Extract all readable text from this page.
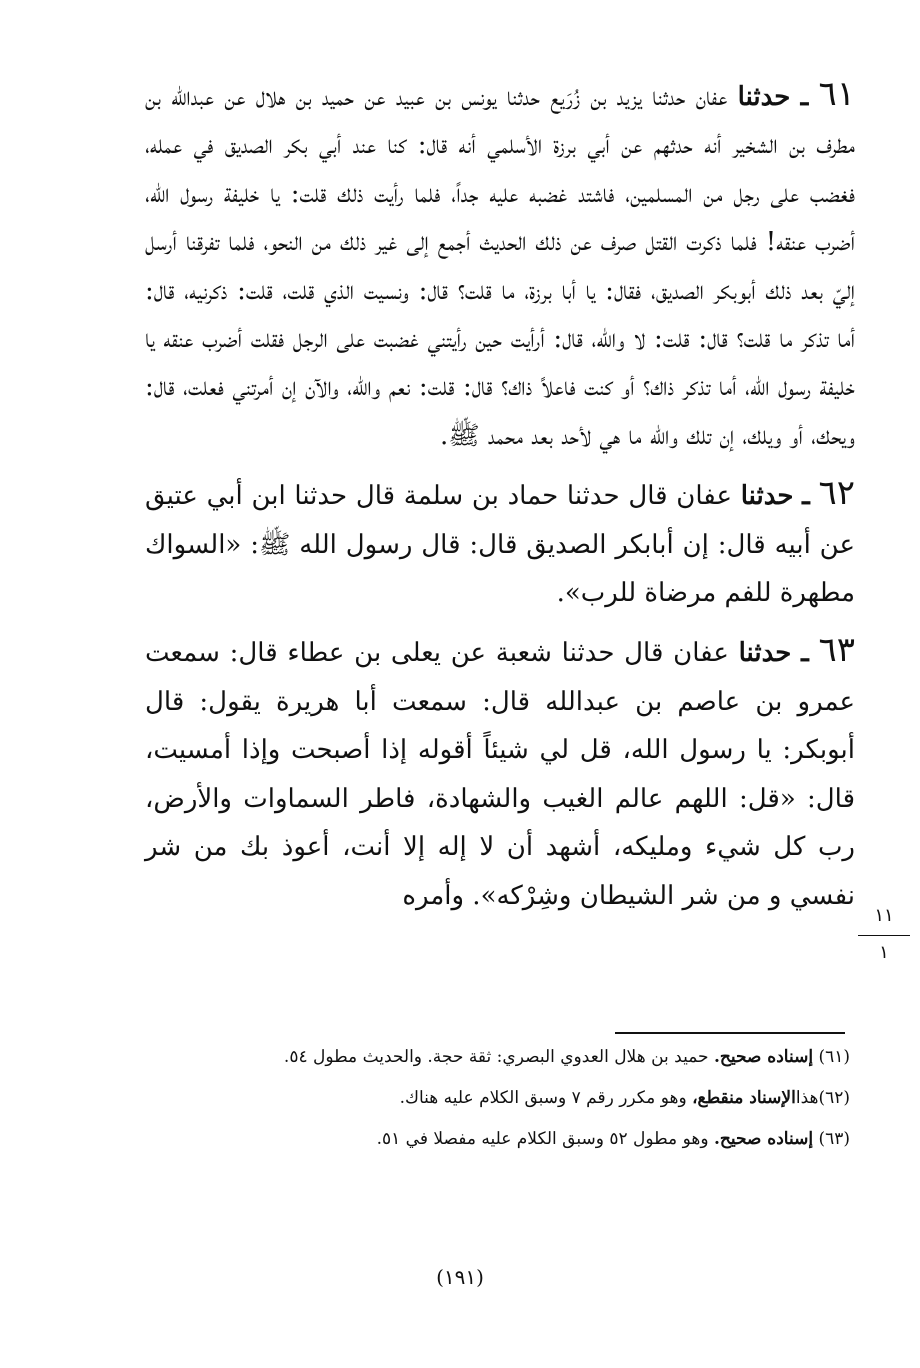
٦١ ـ حدثنا عفان حدثنا يزيد بن زُرَيع حدثنا يونس بن عبيد عن حميد بن هلال عن عبدالله بن مطرف بن الشخير أنه حدثهم عن أبي برزة الأسلمي أنه قال: كنا عند أبي بكر الصديق في عمله، فغضب على رجل من المسلمين، فاشتد غضبه عليه جداً، فلما رأيت ذلك قلت: يا خليفة رسول الله، أضرب عنقه! فلما ذكرت القتل صرف عن ذلك الحديث أجمع إلى غير ذلك من النحو، فلما تفرقنا أرسل إليّ بعد ذلك أبوبكر الصديق، فقال: يا أبا برزة، ما قلت؟ قال: ونسيت الذي قلت، قلت: ذكرنيه، قال: أما تذكر ما قلت؟ قال: قلت: لا والله، قال: أرأيت حين رأيتني غضبت على الرجل فقلت أضرب عنقه يا خليفة رسول الله، أما تذكر ذاك؟ أو كنت فاعلاً ذاك؟ قال: قلت: نعم والله، والآن إن أمرتني فعلت، قال: ويحك، أو ويلك، إن تلك والله ما هي لأحد بعد محمد ﷺ.

٦٢ ـ حدثنا عفان قال حدثنا حماد بن سلمة قال حدثنا ابن أبي عتيق عن أبيه قال: إن أبابكر الصديق قال: قال رسول الله ﷺ: «السواك مطهرة للفم مرضاة للرب».

٦٣ ـ حدثنا عفان قال حدثنا شعبة عن يعلى بن عطاء قال: سمعت عمرو بن عاصم بن عبدالله قال: سمعت أبا هريرة يقول: قال أبوبكر: يا رسول الله، قل لي شيئاً أقوله إذا أصبحت وإذا أمسيت، قال: «قل: اللهم عالم الغيب والشهادة، فاطر السماوات والأرض، رب كل شيء ومليكه، أشهد أن لا إله إلا أنت، أعوذ بك من شر نفسي و من شر الشيطان وشِرْكه». وأمره

١١
١

(٦١) إسناده صحيح. حميد بن هلال العدوي البصري: ثقة حجة. والحديث مطول ٥٤.

(٦٢)هذاالإسناد منقطع، وهو مكرر رقم ٧ وسبق الكلام عليه هناك.

(٦٣) إسناده صحيح. وهو مطول ٥٢ وسبق الكلام عليه مفصلا في ٥١.

(١٩١)
